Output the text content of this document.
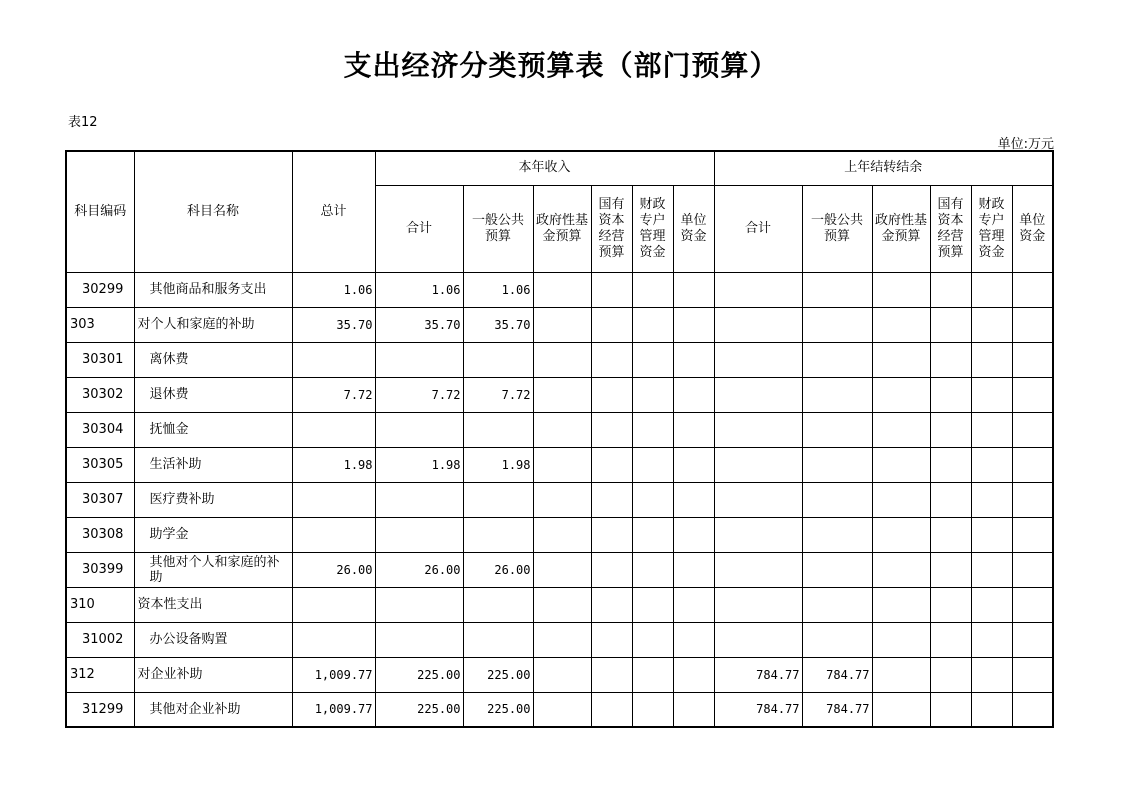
支出经济分类预算表（部门预算）
表12
单位:万元
科目编码	科目名称	总计	本年收入						上年结转结余					
			合计	一般公共预算	政府性基金预算	国有资本经营预算	财政专户管理资金	单位资金	合计	一般公共预算	政府性基金预算	国有资本经营预算	财政专户管理资金	单位资金
30299	其他商品和服务支出	1.06	1.06	1.06										
303	对个人和家庭的补助	35.70	35.70	35.70										
30301	离休费													
30302	退休费	7.72	7.72	7.72										
30304	抚恤金													
30305	生活补助	1.98	1.98	1.98										
30307	医疗费补助													
30308	助学金													
30399	其他对个人和家庭的补助	26.00	26.00	26.00										
310	资本性支出													
31002	办公设备购置													
312	对企业补助	1,009.77	225.00	225.00					784.77	784.77				
31299	其他对企业补助	1,009.77	225.00	225.00					784.77	784.77				
